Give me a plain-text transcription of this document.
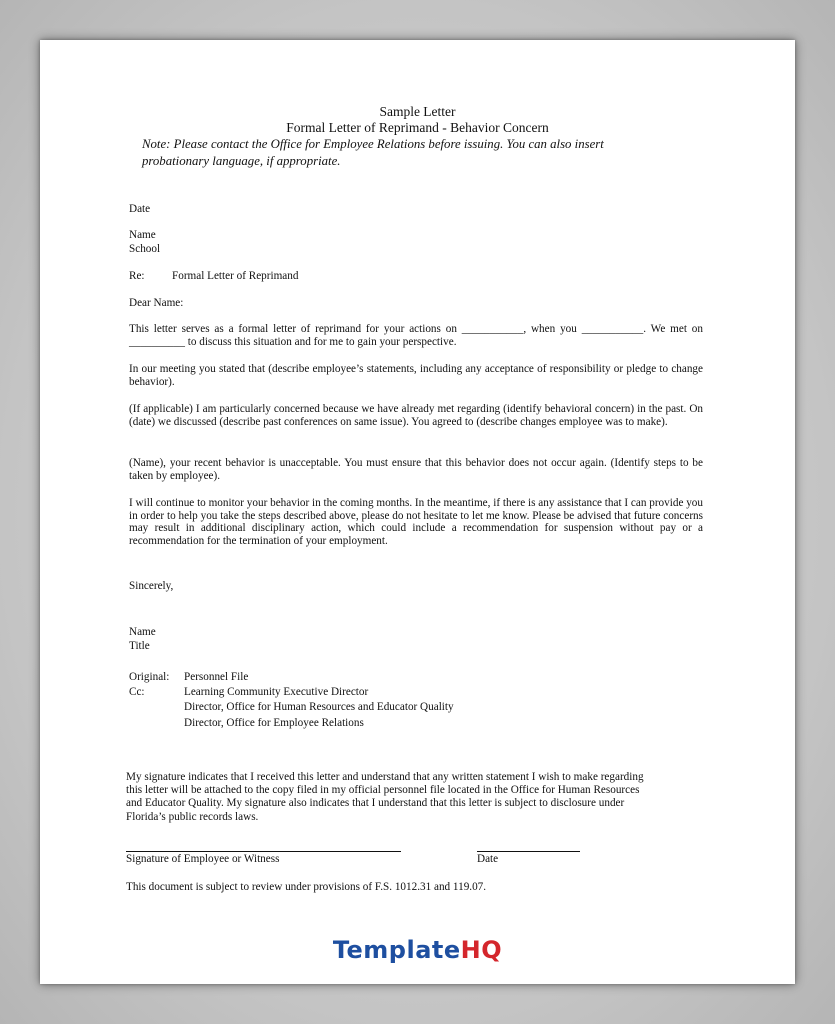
Sample Letter
Formal Letter of Reprimand - Behavior Concern
Note: Please contact the Office for Employee Relations before issuing. You can also insert
probationary language, if appropriate.
Date
Name
School
Re: Formal Letter of Reprimand
Dear Name:
This letter serves as a formal letter of reprimand for your actions on ___________, when you ___________. We met on __________ to discuss this situation and for me to gain your perspective.
In our meeting you stated that (describe employee’s statements, including any acceptance of responsibility or pledge to change behavior).
(If applicable) I am particularly concerned because we have already met regarding (identify behavioral concern) in the past. On (date) we discussed (describe past conferences on same issue). You agreed to (describe changes employee was to make).
(Name), your recent behavior is unacceptable. You must ensure that this behavior does not occur again. (Identify steps to be taken by employee).
I will continue to monitor your behavior in the coming months. In the meantime, if there is any assistance that I can provide you in order to help you take the steps described above, please do not hesitate to let me know. Please be advised that future concerns may result in additional disciplinary action, which could include a recommendation for suspension without pay or a recommendation for the termination of your employment.
Sincerely,
Name
Title
Original: Personnel File
Cc:	Learning Community Executive Director
Director, Office for Human Resources and Educator Quality
Director, Office for Employee Relations
My signature indicates that I received this letter and understand that any written statement I wish to make regarding this letter will be attached to the copy filed in my official personnel file located in the Office for Human Resources and Educator Quality. My signature also indicates that I understand that this letter is subject to disclosure under Florida’s public records laws.
Signature of Employee or Witness	Date
This document is subject to review under provisions of F.S. 1012.31 and 119.07.
TemplateHQ
